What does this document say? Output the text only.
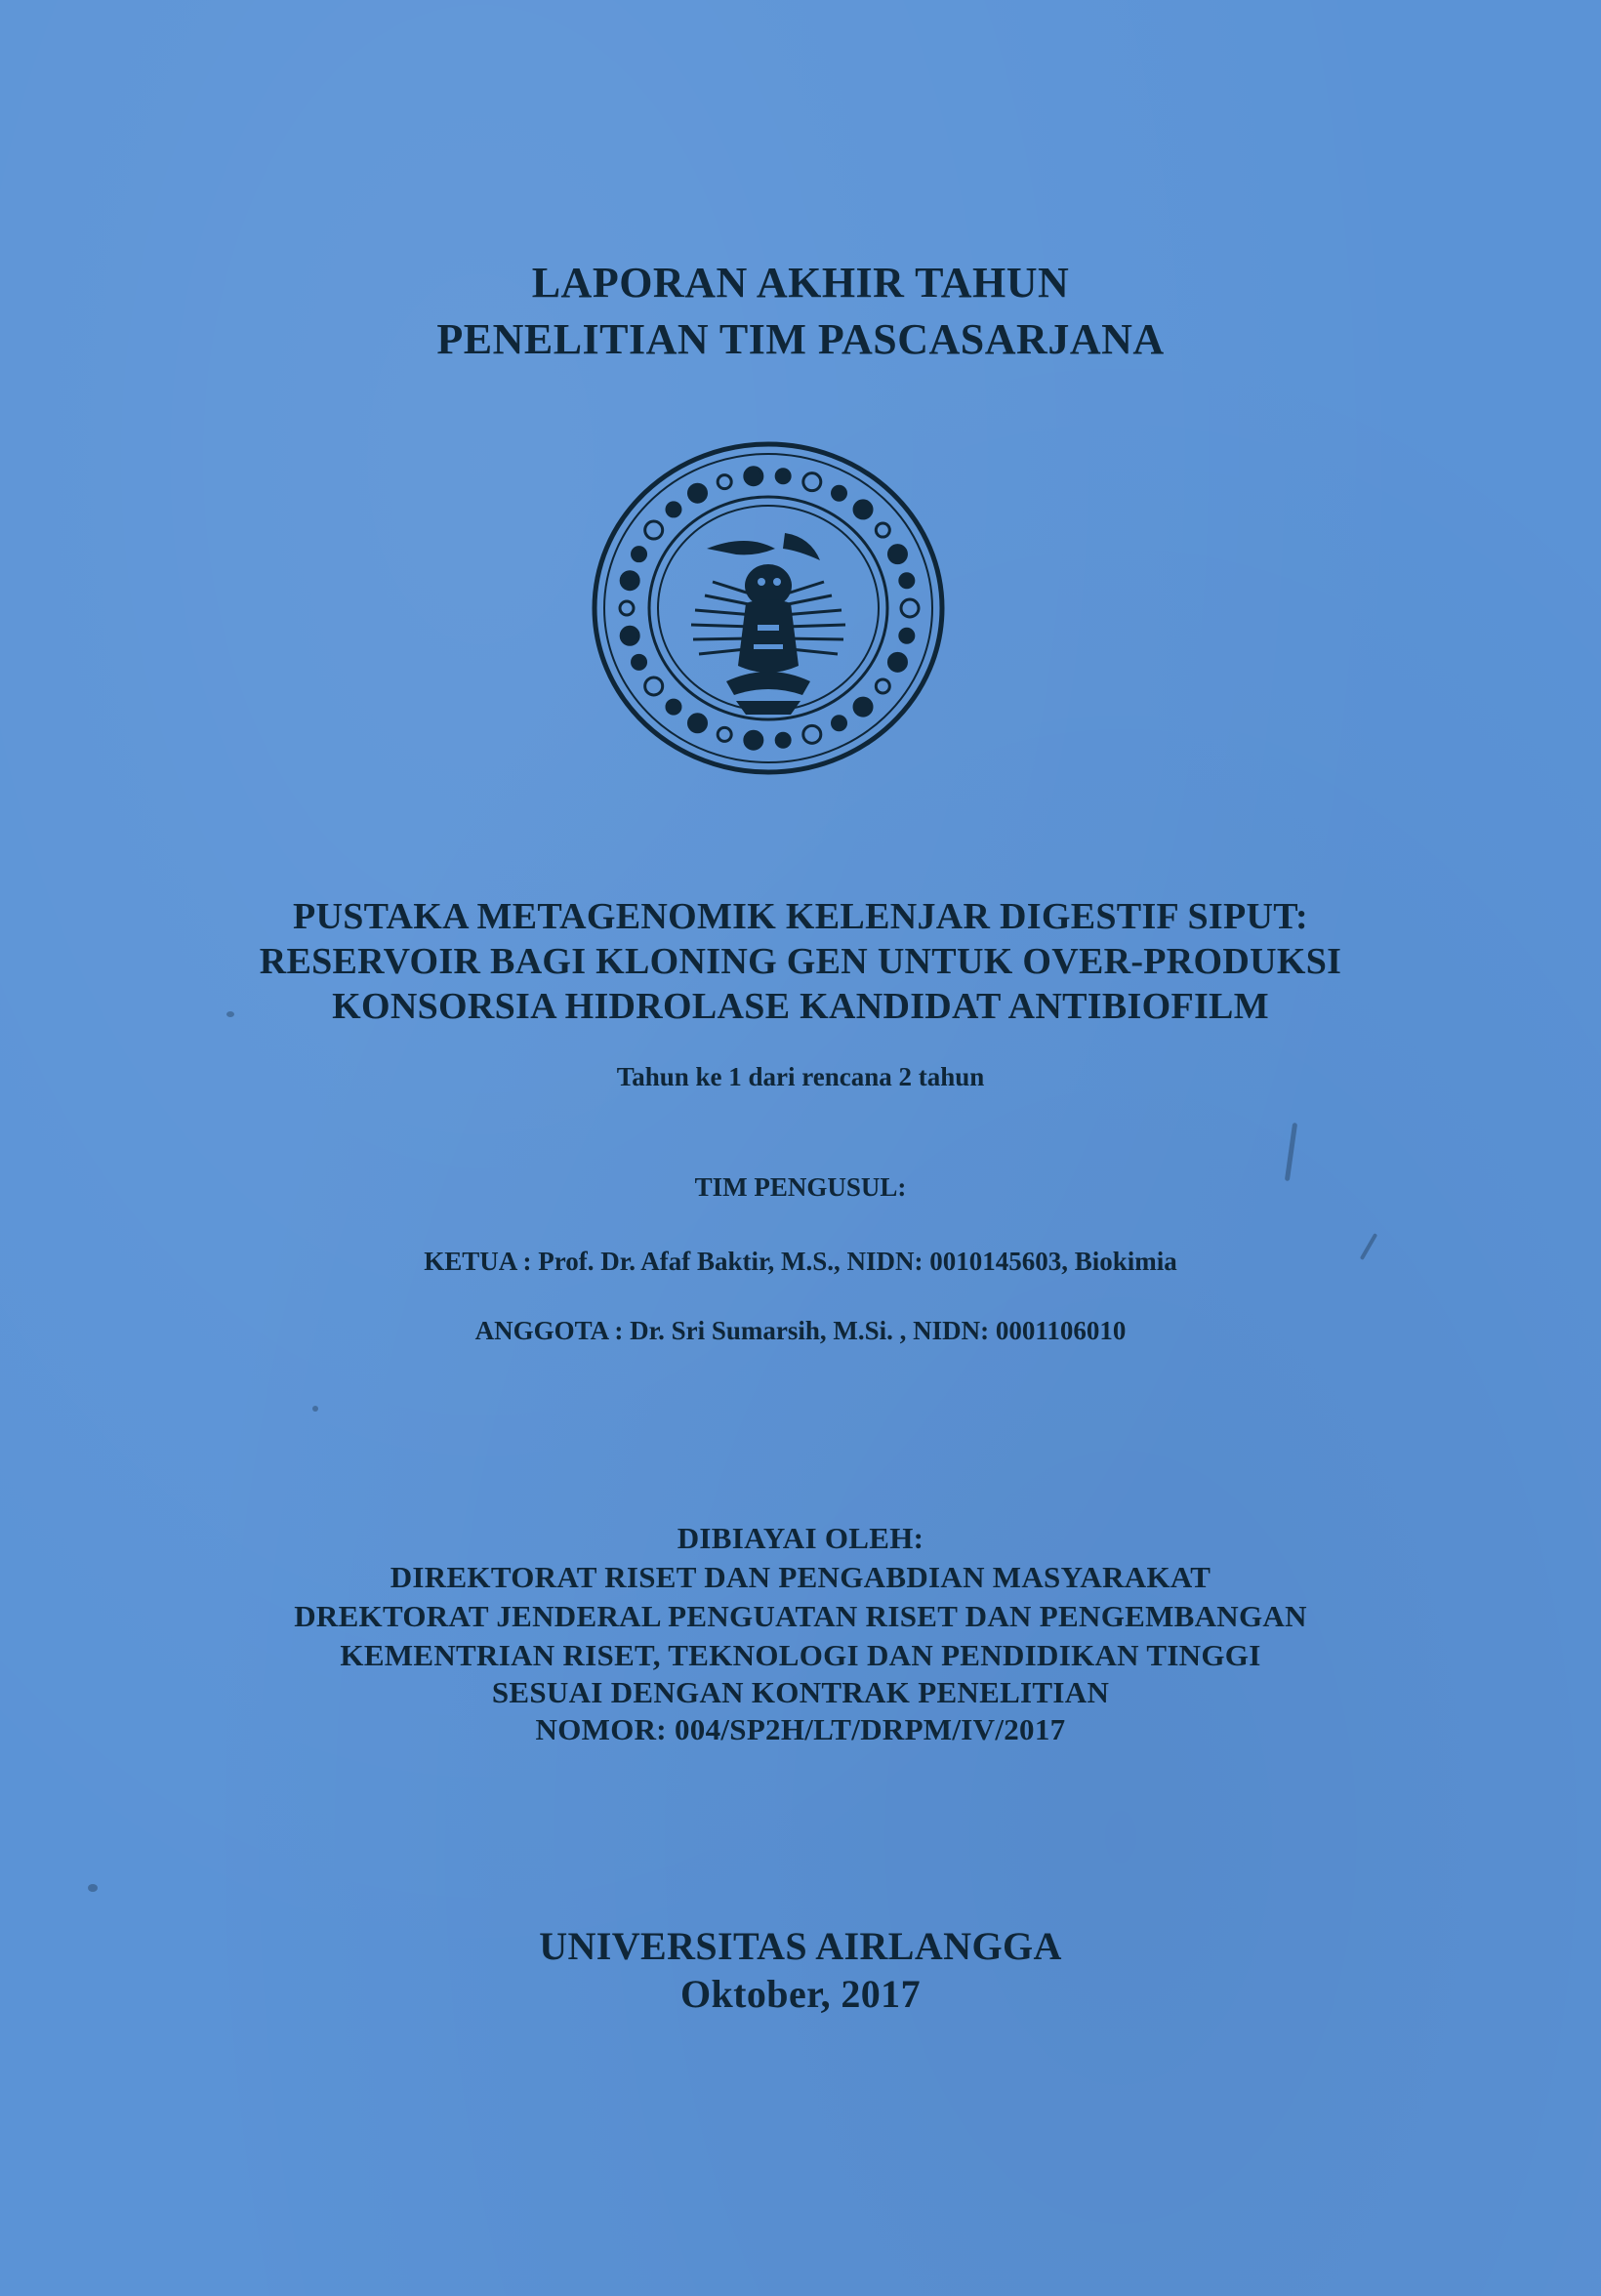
LAPORAN AKHIR TAHUN
PENELITIAN TIM PASCASARJANA
PUSTAKA METAGENOMIK KELENJAR DIGESTIF SIPUT:
RESERVOIR BAGI KLONING GEN UNTUK OVER-PRODUKSI
KONSORSIA HIDROLASE KANDIDAT ANTIBIOFILM
Tahun ke 1 dari rencana 2 tahun
TIM PENGUSUL:
KETUA : Prof. Dr. Afaf Baktir, M.S., NIDN: 0010145603, Biokimia
ANGGOTA : Dr. Sri Sumarsih, M.Si. , NIDN: 0001106010
DIBIAYAI OLEH:
DIREKTORAT RISET DAN PENGABDIAN MASYARAKAT
DREKTORAT JENDERAL PENGUATAN RISET DAN PENGEMBANGAN
KEMENTRIAN RISET, TEKNOLOGI DAN PENDIDIKAN TINGGI
SESUAI DENGAN KONTRAK PENELITIAN
NOMOR: 004/SP2H/LT/DRPM/IV/2017
UNIVERSITAS AIRLANGGA
Oktober, 2017
